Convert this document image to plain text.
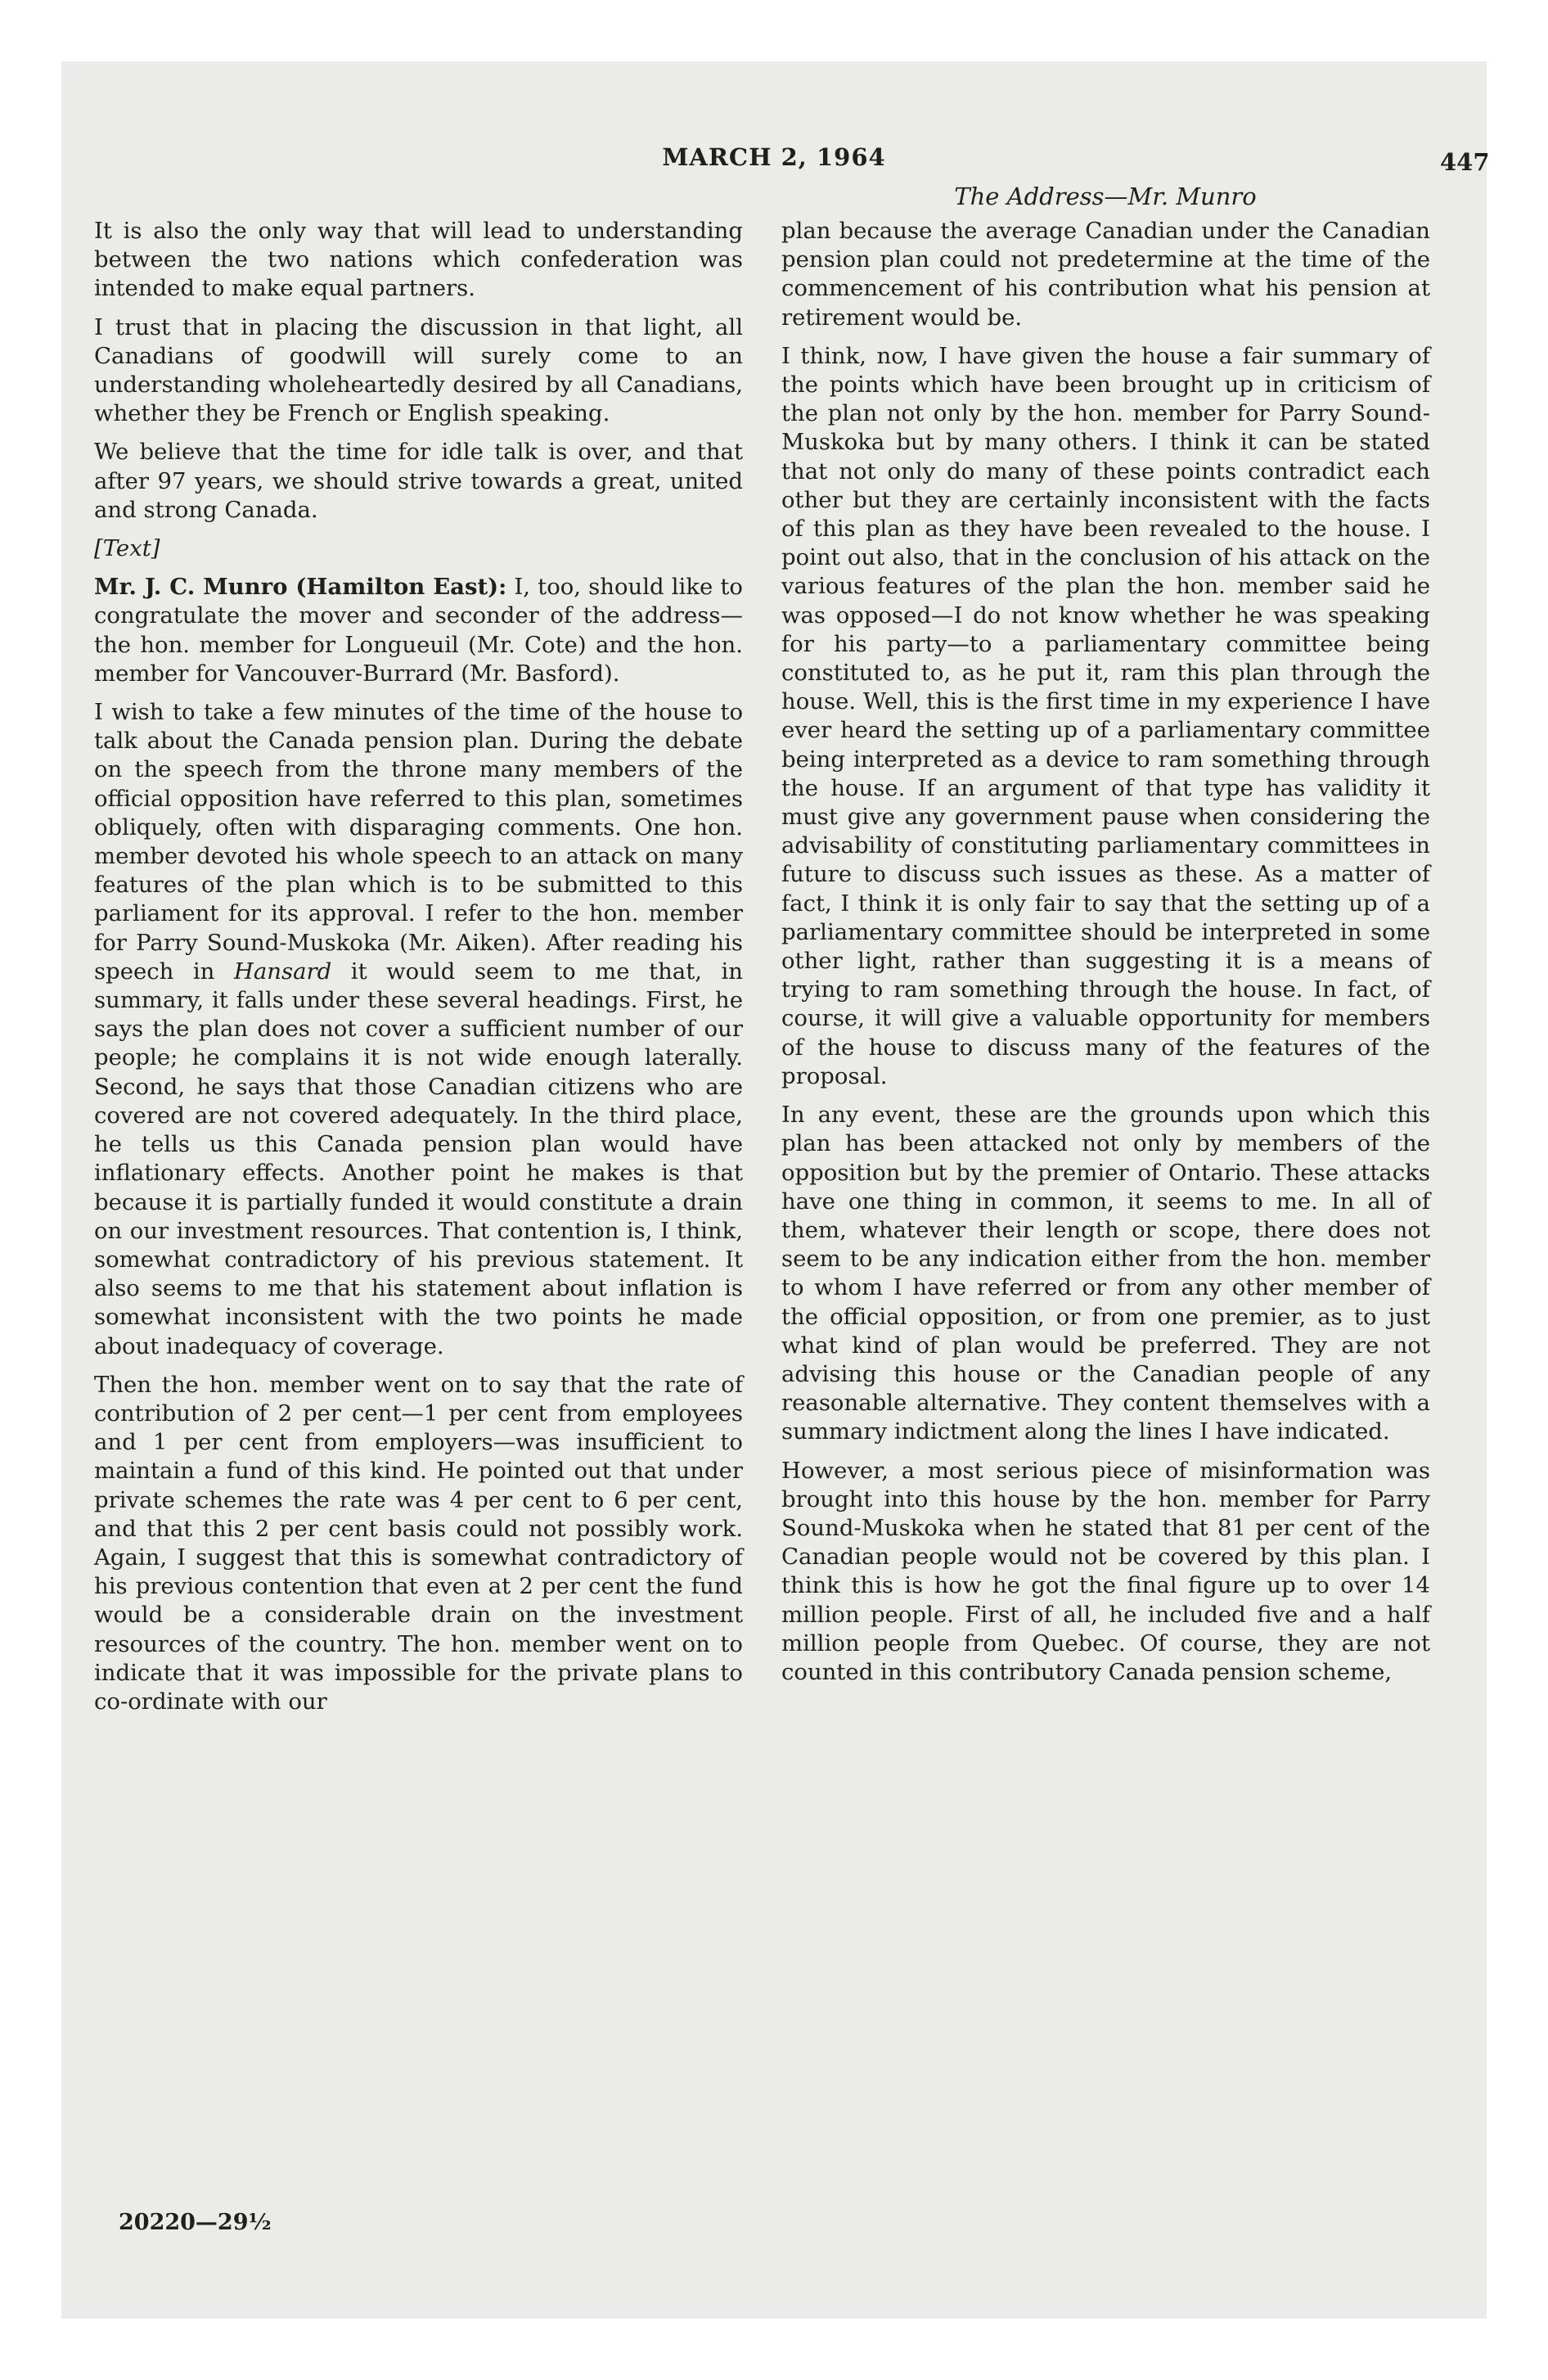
MARCH 2, 1964	447
The Address—Mr. Munro

It is also the only way that will lead to understanding between the two nations which confederation was intended to make equal partners.

I trust that in placing the discussion in that light, all Canadians of goodwill will surely come to an understanding wholeheartedly desired by all Canadians, whether they be French or English speaking.

We believe that the time for idle talk is over, and that after 97 years, we should strive towards a great, united and strong Canada.

[Text]

Mr. J. C. Munro (Hamilton East): I, too, should like to congratulate the mover and seconder of the address—the hon. member for Longueuil (Mr. Cote) and the hon. member for Vancouver-Burrard (Mr. Basford).

I wish to take a few minutes of the time of the house to talk about the Canada pension plan. During the debate on the speech from the throne many members of the official opposition have referred to this plan, sometimes obliquely, often with disparaging comments. One hon. member devoted his whole speech to an attack on many features of the plan which is to be submitted to this parliament for its approval. I refer to the hon. member for Parry Sound-Muskoka (Mr. Aiken). After reading his speech in Hansard it would seem to me that, in summary, it falls under these several headings. First, he says the plan does not cover a sufficient number of our people; he complains it is not wide enough laterally. Second, he says that those Canadian citizens who are covered are not covered adequately. In the third place, he tells us this Canada pension plan would have inflationary effects. Another point he makes is that because it is partially funded it would constitute a drain on our investment resources. That contention is, I think, somewhat contradictory of his previous statement. It also seems to me that his statement about inflation is somewhat inconsistent with the two points he made about inadequacy of coverage.

Then the hon. member went on to say that the rate of contribution of 2 per cent—1 per cent from employees and 1 per cent from employers—was insufficient to maintain a fund of this kind. He pointed out that under private schemes the rate was 4 per cent to 6 per cent, and that this 2 per cent basis could not possibly work. Again, I suggest that this is somewhat contradictory of his previous contention that even at 2 per cent the fund would be a considerable drain on the investment resources of the country. The hon. member went on to indicate that it was impossible for the private plans to co-ordinate with our

plan because the average Canadian under the Canadian pension plan could not predetermine at the time of the commencement of his contribution what his pension at retirement would be.

I think, now, I have given the house a fair summary of the points which have been brought up in criticism of the plan not only by the hon. member for Parry Sound-Muskoka but by many others. I think it can be stated that not only do many of these points contradict each other but they are certainly inconsistent with the facts of this plan as they have been revealed to the house. I point out also, that in the conclusion of his attack on the various features of the plan the hon. member said he was opposed—I do not know whether he was speaking for his party—to a parliamentary committee being constituted to, as he put it, ram this plan through the house. Well, this is the first time in my experience I have ever heard the setting up of a parliamentary committee being interpreted as a device to ram something through the house. If an argument of that type has validity it must give any government pause when considering the advisability of constituting parliamentary committees in future to discuss such issues as these. As a matter of fact, I think it is only fair to say that the setting up of a parliamentary committee should be interpreted in some other light, rather than suggesting it is a means of trying to ram something through the house. In fact, of course, it will give a valuable opportunity for members of the house to discuss many of the features of the proposal.

In any event, these are the grounds upon which this plan has been attacked not only by members of the opposition but by the premier of Ontario. These attacks have one thing in common, it seems to me. In all of them, whatever their length or scope, there does not seem to be any indication either from the hon. member to whom I have referred or from any other member of the official opposition, or from one premier, as to just what kind of plan would be preferred. They are not advising this house or the Canadian people of any reasonable alternative. They content themselves with a summary indictment along the lines I have indicated.

However, a most serious piece of misinformation was brought into this house by the hon. member for Parry Sound-Muskoka when he stated that 81 per cent of the Canadian people would not be covered by this plan. I think this is how he got the final figure up to over 14 million people. First of all, he included five and a half million people from Quebec. Of course, they are not counted in this contributory Canada pension scheme,

20220—29½
